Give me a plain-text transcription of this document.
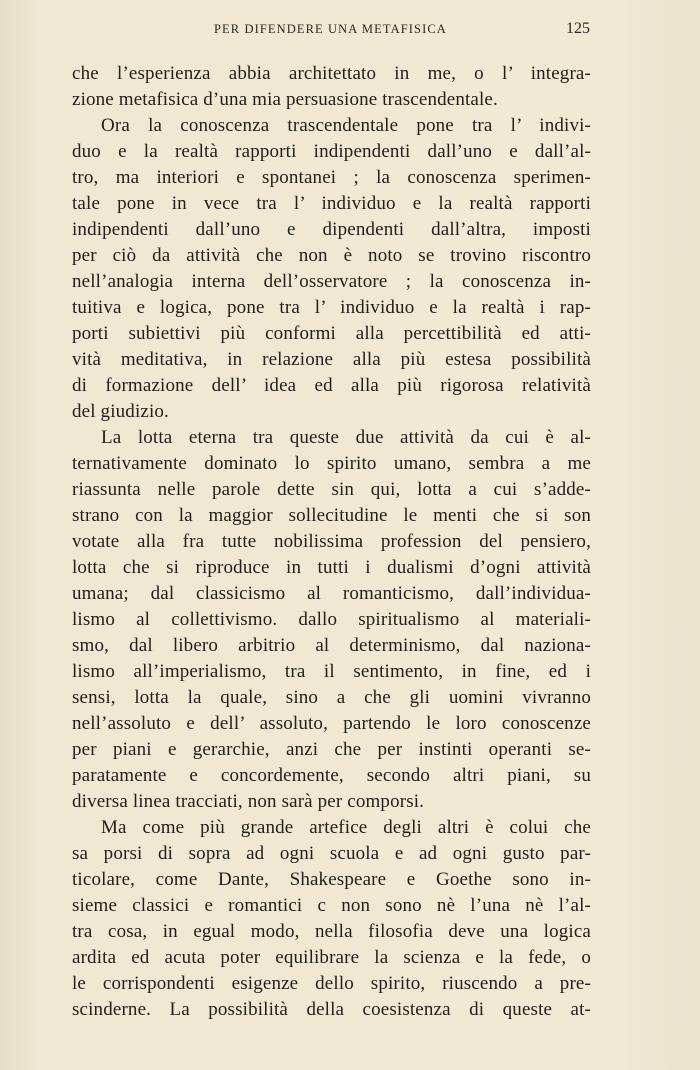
PER DIFENDERE UNA METAFISICA	125
che l’esperienza abbia architettato in me, o l’ integra-
zione metafisica d’una mia persuasione trascendentale.
Ora la conoscenza trascendentale pone tra l’ indivi-
duo e la realtà rapporti indipendenti dall’uno e dall’al-
tro, ma interiori e spontanei ; la conoscenza sperimen-
tale pone in vece tra l’ individuo e la realtà rapporti
indipendenti dall’uno e dipendenti dall’altra, imposti
per ciò da attività che non è noto se trovino riscontro
nell’analogia interna dell’osservatore ; la conoscenza in-
tuitiva e logica, pone tra l’ individuo e la realtà i rap-
porti subiettivi più conformi alla percettibilità ed atti-
vità meditativa, in relazione alla più estesa possibilità
di formazione dell’ idea ed alla più rigorosa relatività
del giudizio.
La lotta eterna tra queste due attività da cui è al-
ternativamente dominato lo spirito umano, sembra a me
riassunta nelle parole dette sin qui, lotta a cui s’adde-
strano con la maggior sollecitudine le menti che si son
votate alla fra tutte nobilissima profession del pensiero,
lotta che si riproduce in tutti i dualismi d’ogni attività
umana; dal classicismo al romanticismo, dall’individua-
lismo al collettivismo. dallo spiritualismo al materiali-
smo, dal libero arbitrio al determinismo, dal naziona-
lismo all’imperialismo, tra il sentimento, in fine, ed i
sensi, lotta la quale, sino a che gli uomini vivranno
nell’assoluto e dell’ assoluto, partendo le loro conoscenze
per piani e gerarchie, anzi che per instinti operanti se-
paratamente e concordemente, secondo altri piani, su
diversa linea tracciati, non sarà per comporsi.
Ma come più grande artefice degli altri è colui che
sa porsi di sopra ad ogni scuola e ad ogni gusto par-
ticolare, come Dante, Shakespeare e Goethe sono in-
sieme classici e romantici c non sono nè l’una nè l’al-
tra cosa, in egual modo, nella filosofia deve una logica
ardita ed acuta poter equilibrare la scienza e la fede, o
le corrispondenti esigenze dello spirito, riuscendo a pre-
scinderne. La possibilità della coesistenza di queste at-
